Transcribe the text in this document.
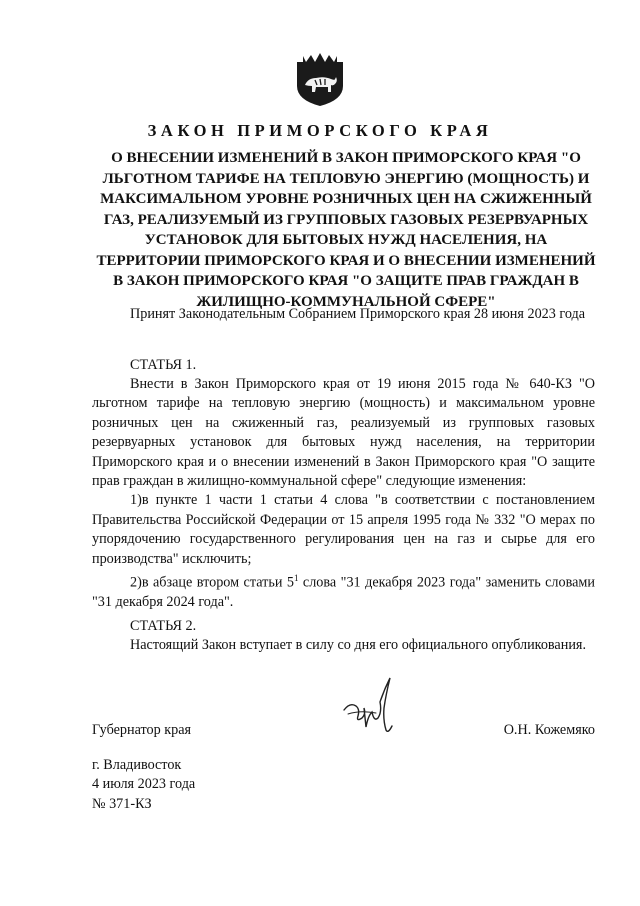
ЗАКОН ПРИМОРСКОГО КРАЯ
О ВНЕСЕНИИ ИЗМЕНЕНИЙ В ЗАКОН ПРИМОРСКОГО КРАЯ "О ЛЬГОТНОМ ТАРИФЕ НА ТЕПЛОВУЮ ЭНЕРГИЮ (МОЩНОСТЬ) И МАКСИМАЛЬНОМ УРОВНЕ РОЗНИЧНЫХ ЦЕН НА СЖИЖЕННЫЙ ГАЗ, РЕАЛИЗУЕМЫЙ ИЗ ГРУППОВЫХ ГАЗОВЫХ РЕЗЕРВУАРНЫХ УСТАНОВОК ДЛЯ БЫТОВЫХ НУЖД НАСЕЛЕНИЯ, НА ТЕРРИТОРИИ ПРИМОРСКОГО КРАЯ И О ВНЕСЕНИИ ИЗМЕНЕНИЙ В ЗАКОН ПРИМОРСКОГО КРАЯ "О ЗАЩИТЕ ПРАВ ГРАЖДАН В ЖИЛИЩНО-КОММУНАЛЬНОЙ СФЕРЕ"

Принят Законодательным Собранием Приморского края 28 июня 2023 года

СТАТЬЯ 1.

Внести в Закон Приморского края от 19 июня 2015 года № 640-КЗ "О льготном тарифе на тепловую энергию (мощность) и максимальном уровне розничных цен на сжиженный газ, реализуемый из групповых газовых резервуарных установок для бытовых нужд населения, на территории Приморского края и о внесении изменений в Закон Приморского края "О защите прав граждан в жилищно-коммунальной сфере" следующие изменения:

1)в пункте 1 части 1 статьи 4 слова "в соответствии с постановлением Правительства Российской Федерации от 15 апреля 1995 года № 332 "О мерах по упорядочению государственного регулирования цен на газ и сырье для его производства" исключить;

2)в абзаце втором статьи $5^1$ слова "31 декабря 2023 года" заменить словами "31 декабря 2024 года".

СТАТЬЯ 2.

Настоящий Закон вступает в силу со дня его официального опубликования.

Губернатор края	О.Н. Кожемяко
г. Владивосток
4 июля 2023 года
№ 371-КЗ
